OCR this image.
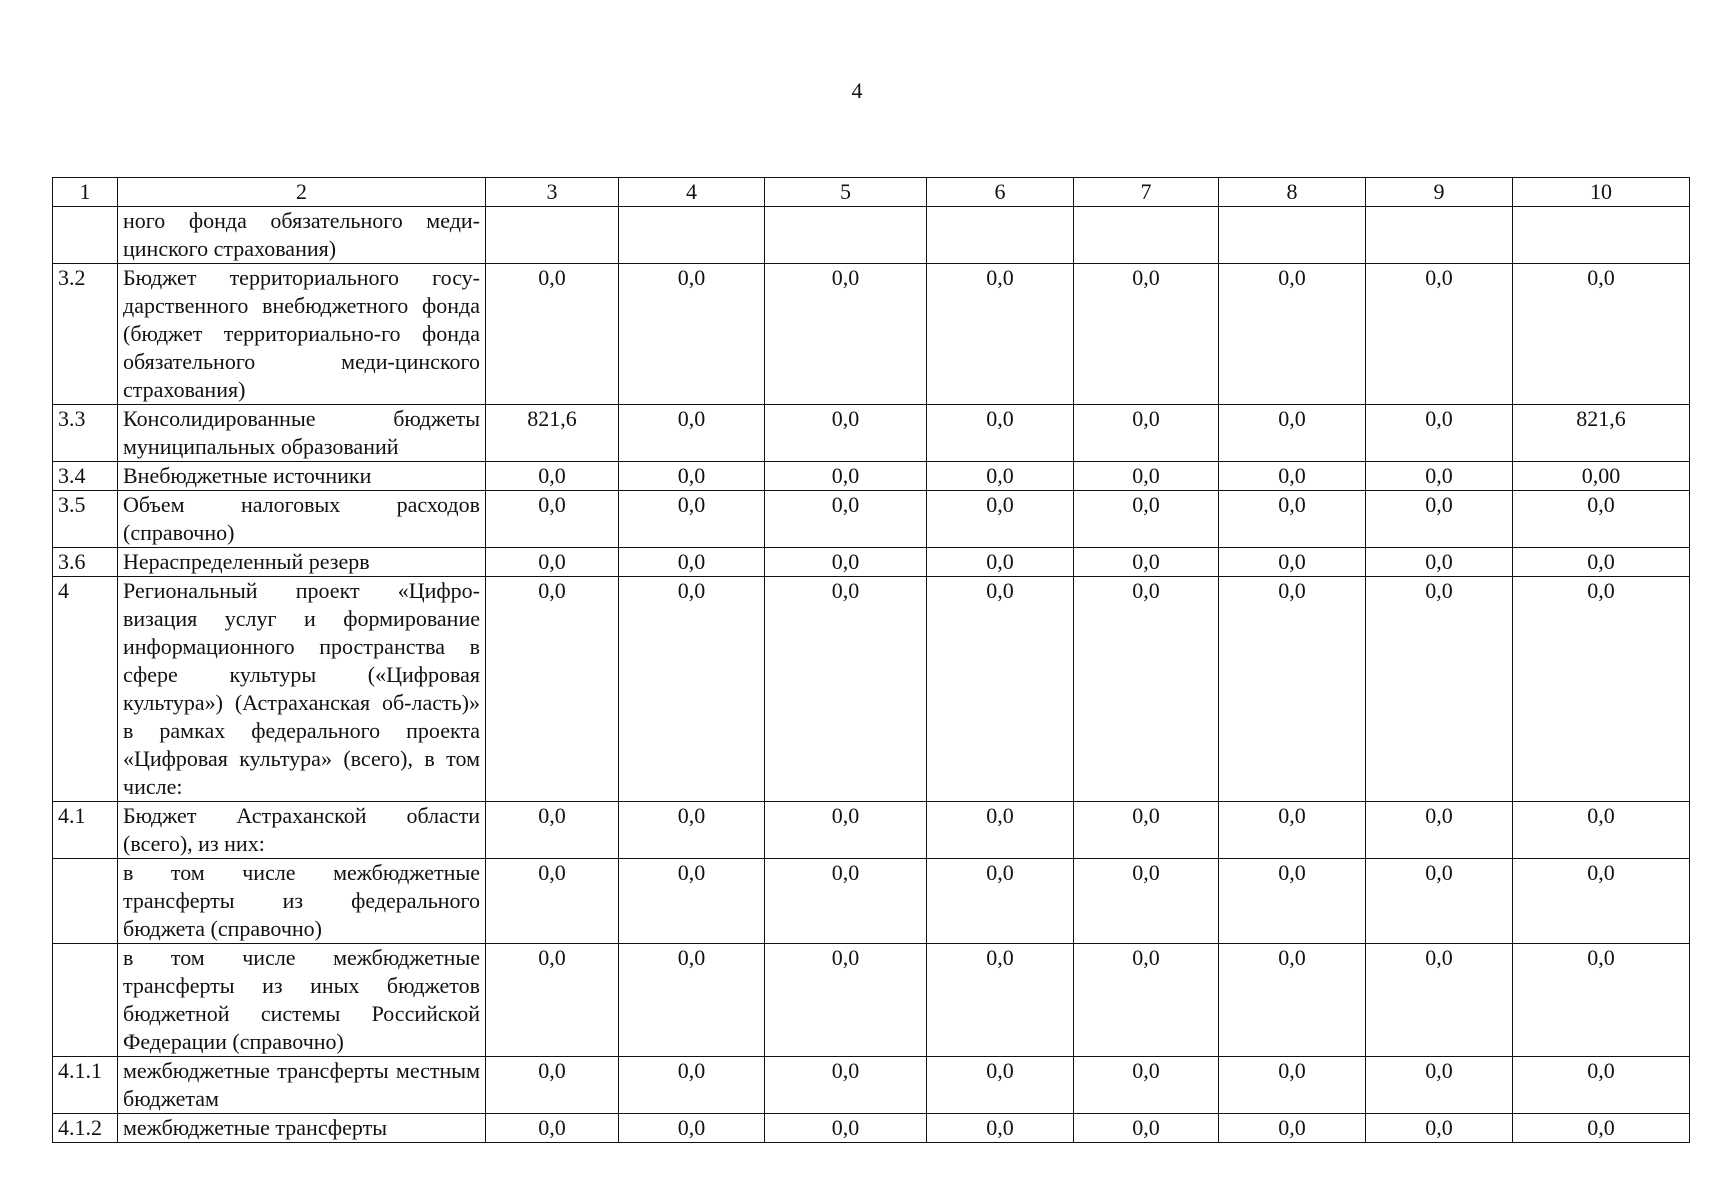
4
1	2	3	4	5	6	7	8	9	10
	ного фонда обязательного меди-цинского страхования)								
3.2	Бюджет территориального госу-дарственного внебюджетного фонда (бюджет территориально-го фонда обязательного меди-цинского страхования)	0,0	0,0	0,0	0,0	0,0	0,0	0,0	0,0
3.3	Консолидированные бюджеты муниципальных образований	821,6	0,0	0,0	0,0	0,0	0,0	0,0	821,6
3.4	Внебюджетные источники	0,0	0,0	0,0	0,0	0,0	0,0	0,0	0,00
3.5	Объем налоговых расходов (справочно)	0,0	0,0	0,0	0,0	0,0	0,0	0,0	0,0
3.6	Нераспределенный резерв	0,0	0,0	0,0	0,0	0,0	0,0	0,0	0,0
4	Региональный проект «Цифро-визация услуг и формирование информационного пространства в сфере культуры («Цифровая культура») (Астраханская об-ласть)» в рамках федерального проекта «Цифровая культура» (всего), в том числе:	0,0	0,0	0,0	0,0	0,0	0,0	0,0	0,0
4.1	Бюджет Астраханской области (всего), из них:	0,0	0,0	0,0	0,0	0,0	0,0	0,0	0,0
	в том числе межбюджетные трансферты из федерального бюджета (справочно)	0,0	0,0	0,0	0,0	0,0	0,0	0,0	0,0
	в том числе межбюджетные трансферты из иных бюджетов бюджетной системы Российской Федерации (справочно)	0,0	0,0	0,0	0,0	0,0	0,0	0,0	0,0
4.1.1	межбюджетные трансферты местным бюджетам	0,0	0,0	0,0	0,0	0,0	0,0	0,0	0,0
4.1.2	межбюджетные трансферты	0,0	0,0	0,0	0,0	0,0	0,0	0,0	0,0
